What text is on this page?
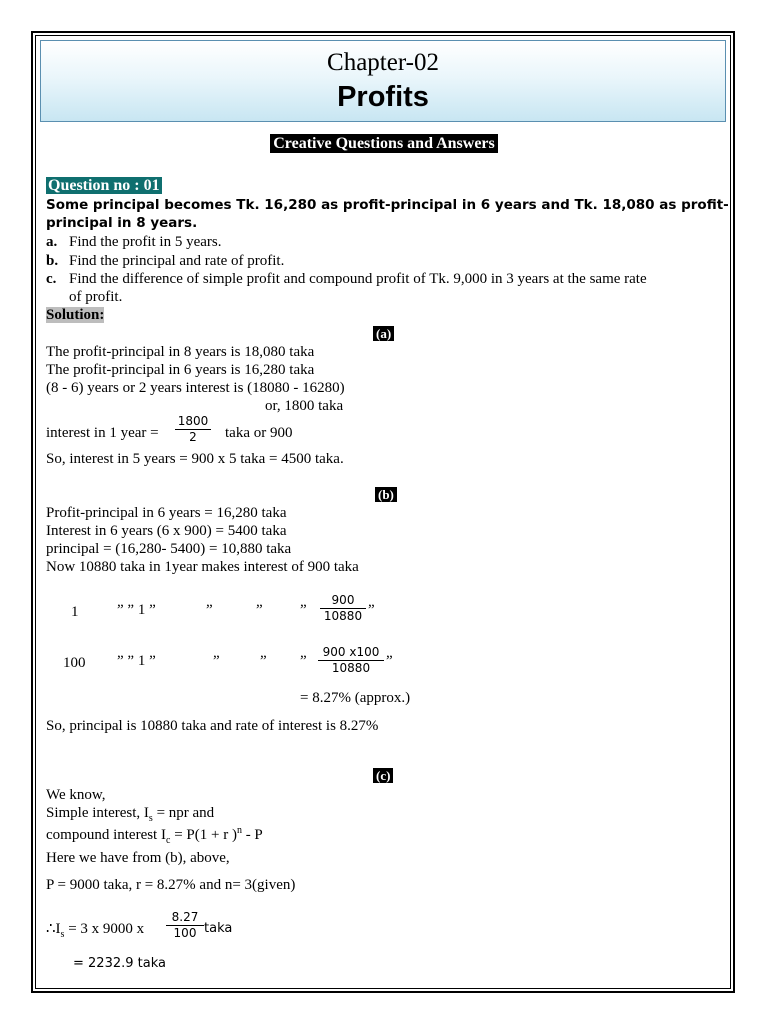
Chapter-02
Profits
Creative Questions and Answers
Question no : 01
Some principal becomes Tk. 16,280 as profit-principal in 6 years and Tk. 18,080 as profit-
principal in 8 years.
a. Find the profit in 5 years.
b. Find the principal and rate of profit.
c. Find the difference of simple profit and compound profit of Tk. 9,000 in 3 years at the same rate
of profit.
Solution:
(a)
The profit-principal in 8 years is 18,080 taka
The profit-principal in 6 years is 16,280 taka
(8 - 6) years or 2 years interest is (18080 - 16280)
or, 1800 taka
interest in 1 year = $\frac{1800}{2}$ taka or 900
So, interest in 5 years = 900 x 5 taka = 4500 taka.
(b)
Profit-principal in 6 years = 16,280 taka
Interest in 6 years (6 x 900) = 5400 taka
principal = (16,280- 5400) = 10,880 taka
Now 10880 taka in 1year makes interest of 900 taka
1	” ” 1 ”	”	” ” $\frac{900}{10880}$ ”
100 ” ” 1 ”	”	” ” $\frac{900 x100}{10880}$ ”
= 8.27% (approx.)
So, principal is 10880 taka and rate of interest is 8.27%
(c)
We know,
Simple interest, $I_s$ = npr and
compound interest $I_c = P(1 + r$ )$^n$ - P
Here we have from (b), above,
P = 9000 taka, r = 8.27% and n= 3(given)
$\therefore I_s = 3$ x 9000 x $\frac{8.27}{100}$ taka
= 2232.9 taka
